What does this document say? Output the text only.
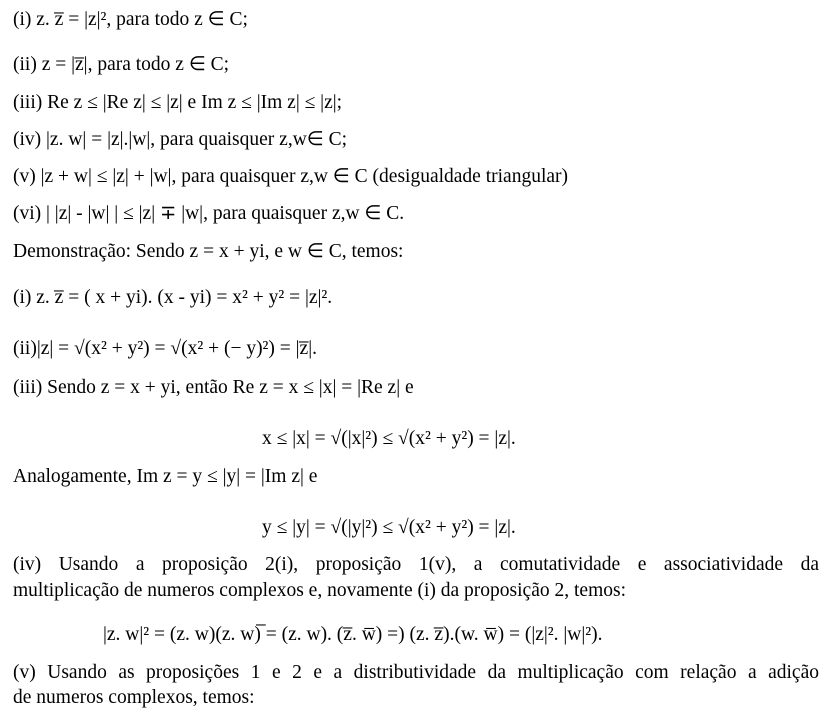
(i) z. z̅ = |z|², para todo z ∈ C;
(ii) z = |z̅|, para todo z ∈ C;
(iii) Re z ≤ |Re z| ≤ |z| e Im z ≤ |Im z| ≤ |z|;
(iv) |z. w| = |z|.|w|, para quaisquer z,w∈ C;
(v) |z + w| ≤ |z| + |w|, para quaisquer z,w ∈ C (desigualdade triangular)
(vi) | |z| - |w| | ≤ |z| ∓ |w|, para quaisquer z,w ∈ C.
Demonstração: Sendo z = x + yi, e w ∈ C, temos:
(i) z. z̅ = ( x + yi). (x - yi) = x² + y² = |z|².
(ii)|z| = √(x² + y²) = √(x² + (− y)²) = |z̅|.
(iii) Sendo z = x + yi, então Re z = x ≤ |x| = |Re z| e
x ≤ |x| = √(|x|²) ≤ √(x² + y²) = |z|.
Analogamente, Im z = y ≤ |y| = |Im z| e
y ≤ |y| = √(|y|²) ≤ √(x² + y²) = |z|.
(iv) Usando a proposição 2(i), proposição 1(v), a comutatividade e associatividade da
multiplicação de numeros complexos e, novamente (i) da proposição 2, temos:
|z. w|² = (z. w)(z. w)̅ = (z. w). (z̅. w̅) =) (z. z̅).(w. w̅) = (|z|². |w|²).
(v) Usando as proposições 1 e 2 e a distributividade da multiplicação com relação a adição
de numeros complexos, temos:
